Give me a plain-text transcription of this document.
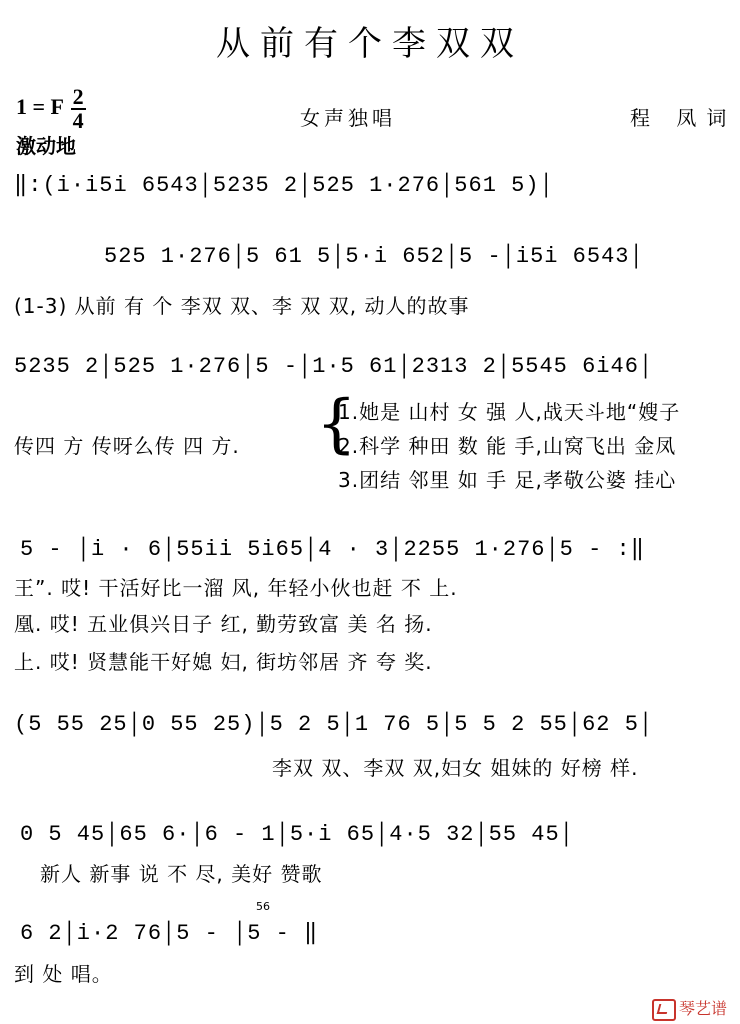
从前有个李双双
1 = F $\frac{2}{4}$
激动地
女声独唱	程 凤词
‖:(i·i5i 6543│5235 2│525 1·276│561 5)│
525 1·276│5 61 5│5·i 652│5 -│i5i 6543│
(1-3) 从前 有 个 李双 双、李 双 双, 动人的故事
5235 2│525 1·276│5 -│1·5 61│2313 2│5545 6i46│
传四 方 传呀么传 四 方. {
1.她是 山村 女 强 人,战天斗地“嫂子
2.科学 种田 数 能 手,山窝飞出 金凤
3.团结 邻里 如 手 足,孝敬公婆 挂心
5 - │i · 6│55ii 5i65│4 · 3│2255 1·276│5 - :‖
王”. 哎! 干活好比一溜 风, 年轻小伙也赶 不 上.
凰. 哎! 五业俱兴日子 红, 勤劳致富 美 名 扬.
上. 哎! 贤慧能干好媳 妇, 街坊邻居 齐 夸 奖.
(5 55 25│0 55 25)│5 2 5│1 76 5│5 5 2 55│62 5│
李双 双、李双 双,妇女 姐妹的 好榜 样.
0 5 45│65 6·│6 - 1│5·i 65│4·5 32│55 45│
新人 新事 说 不 尽, 美好 赞歌
6 2│i·2 76│5 - │5 - ‖
56
到 处 唱。
琴艺谱
